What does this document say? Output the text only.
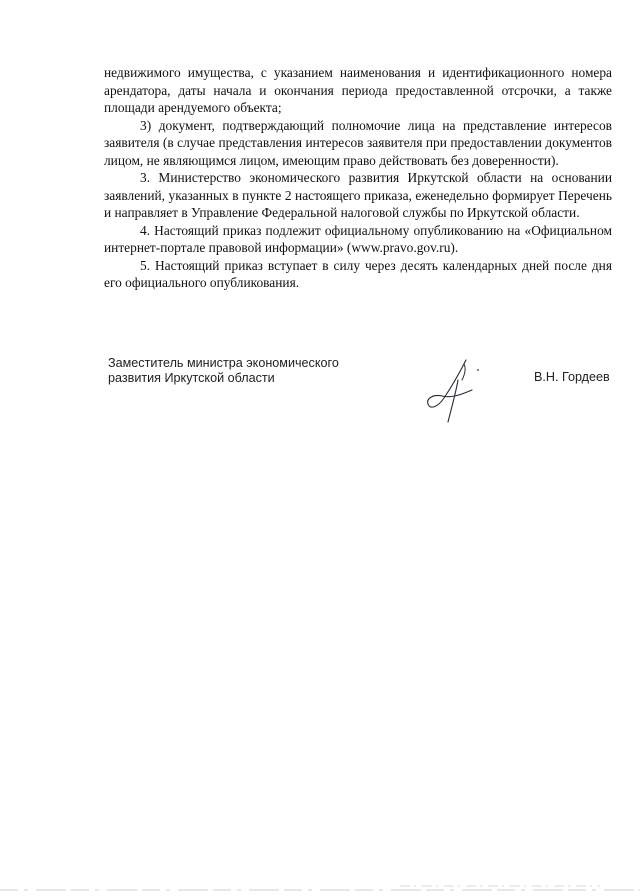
недвижимого имущества, с указанием наименования и идентификационного номера арендатора, даты начала и окончания периода предоставленной отсрочки, а также площади арендуемого объекта;

3) документ, подтверждающий полномочие лица на представление интересов заявителя (в случае представления интересов заявителя при предоставлении документов лицом, не являющимся лицом, имеющим право действовать без доверенности).

3. Министерство экономического развития Иркутской области на основании заявлений, указанных в пункте 2 настоящего приказа, еженедельно формирует Перечень и направляет в Управление Федеральной налоговой службы по Иркутской области.

4. Настоящий приказ подлежит официальному опубликованию на «Официальном интернет-портале правовой информации» (www.pravo.gov.ru).

5. Настоящий приказ вступает в силу через десять календарных дней после дня его официального опубликования.

Заместитель министра экономического
развития Иркутской области	В.Н. Гордеев
